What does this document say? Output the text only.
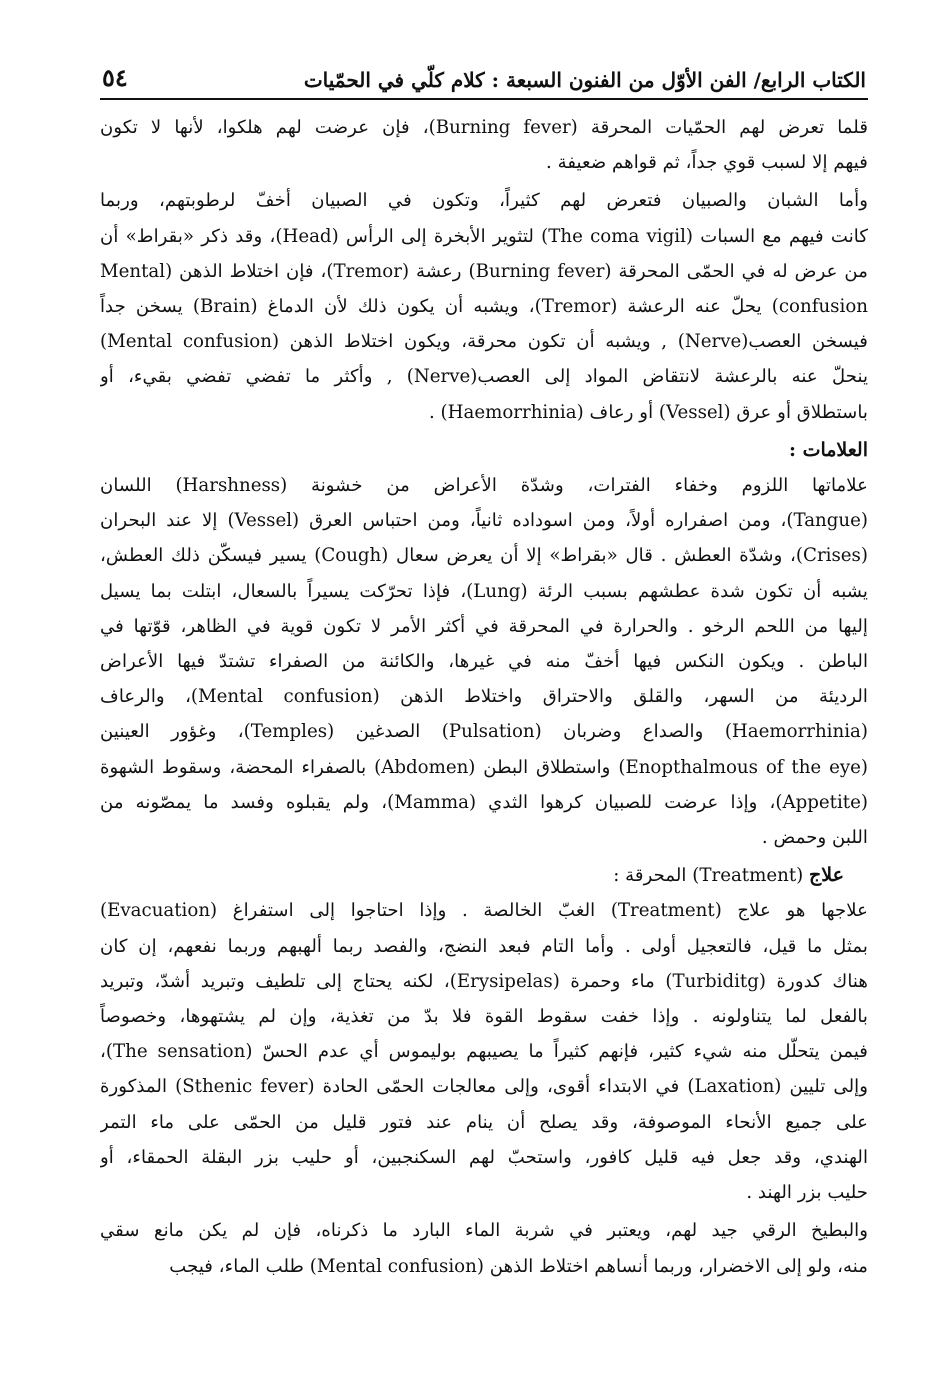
الكتاب الرابع/ الفن الأوّل من الفنون السبعة : كلام كلّي في الحمّيات
٥٤
قلما تعرض لهم الحمّيات المحرقة (Burning fever)، فإن عرضت لهم هلكوا، لأنها لا تكون
فيهم إلا لسبب قوي جداً، ثم قواهم ضعيفة .
وأما الشبان والصبيان فتعرض لهم كثيراً، وتكون في الصبيان أخفّ لرطوبتهم، وربما
كانت فيهم مع السبات (The coma vigil) لتثوير الأبخرة إلى الرأس (Head)، وقد ذكر «بقراط» أن
من عرض له في الحمّى المحرقة (Burning fever) رعشة (Tremor)، فإن اختلاط الذهن (Mental
confusion) يحلّ عنه الرعشة (Tremor)، ويشبه أن يكون ذلك لأن الدماغ (Brain) يسخن جداً
فيسخن العصب(Nerve) , ويشبه أن تكون محرقة، ويكون اختلاط الذهن (Mental confusion)
ينحلّ عنه بالرعشة لانتقاض المواد إلى العصب(Nerve) , وأكثر ما تفضي تفضي بقيء، أو
باستطلاق أو عرق (Vessel) أو رعاف (Haemorrhinia) .

العلامات :

علاماتها اللزوم وخفاء الفترات، وشدّة الأعراض من خشونة (Harshness) اللسان
(Tangue)، ومن اصفراره أولاً، ومن اسوداده ثانياً، ومن احتباس العرق (Vessel) إلا عند البحران
(Crises)، وشدّة العطش . قال «بقراط» إلا أن يعرض سعال (Cough) يسير فيسكّن ذلك العطش،
يشبه أن تكون شدة عطشهم بسبب الرئة (Lung)، فإذا تحرّكت يسيراً بالسعال، ابتلت بما يسيل
إليها من اللحم الرخو . والحرارة في المحرقة في أكثر الأمر لا تكون قوية في الظاهر، قوّتها في
الباطن . ويكون النكس فيها أخفّ منه في غيرها، والكائنة من الصفراء تشتدّ فيها الأعراض
الرديئة من السهر، والقلق والاحتراق واختلاط الذهن (Mental confusion)، والرعاف
(Haemorrhinia) والصداع وضربان (Pulsation) الصدغين (Temples)، وغؤور العينين
(Enopthalmous of the eye) واستطلاق البطن (Abdomen) بالصفراء المحضة، وسقوط الشهوة
(Appetite)، وإذا عرضت للصبيان كرهوا الثدي (Mamma)، ولم يقبلوه وفسد ما يمصّونه من
اللبن وحمض .

علاج (Treatment) المحرقة :

علاجها هو علاج (Treatment) الغبّ الخالصة . وإذا احتاجوا إلى استفراغ (Evacuation)
بمثل ما قيل، فالتعجيل أولى . وأما التام فبعد النضج، والفصد ربما ألهبهم وربما نفعهم، إن كان
هناك كدورة (Turbiditg) ماء وحمرة (Erysipelas)، لكنه يحتاج إلى تلطيف وتبريد أشدّ، وتبريد
بالفعل لما يتناولونه . وإذا خفت سقوط القوة فلا بدّ من تغذية، وإن لم يشتهوها، وخصوصاً
فيمن يتحلّل منه شيء كثير، فإنهم كثيراً ما يصيبهم بوليموس أي عدم الحسّ (The sensation)،
وإلى تليين (Laxation) في الابتداء أقوى، وإلى معالجات الحمّى الحادة (Sthenic fever) المذكورة
على جميع الأنحاء الموصوفة، وقد يصلح أن ينام عند فتور قليل من الحمّى على ماء التمر
الهندي، وقد جعل فيه قليل كافور، واستحبّ لهم السكنجبين، أو حليب بزر البقلة الحمقاء، أو
حليب بزر الهند .
والبطيخ الرقي جيد لهم، ويعتبر في شربة الماء البارد ما ذكرناه، فإن لم يكن مانع سقي
منه، ولو إلى الاخضرار، وربما أنساهم اختلاط الذهن (Mental confusion) طلب الماء، فيجب
